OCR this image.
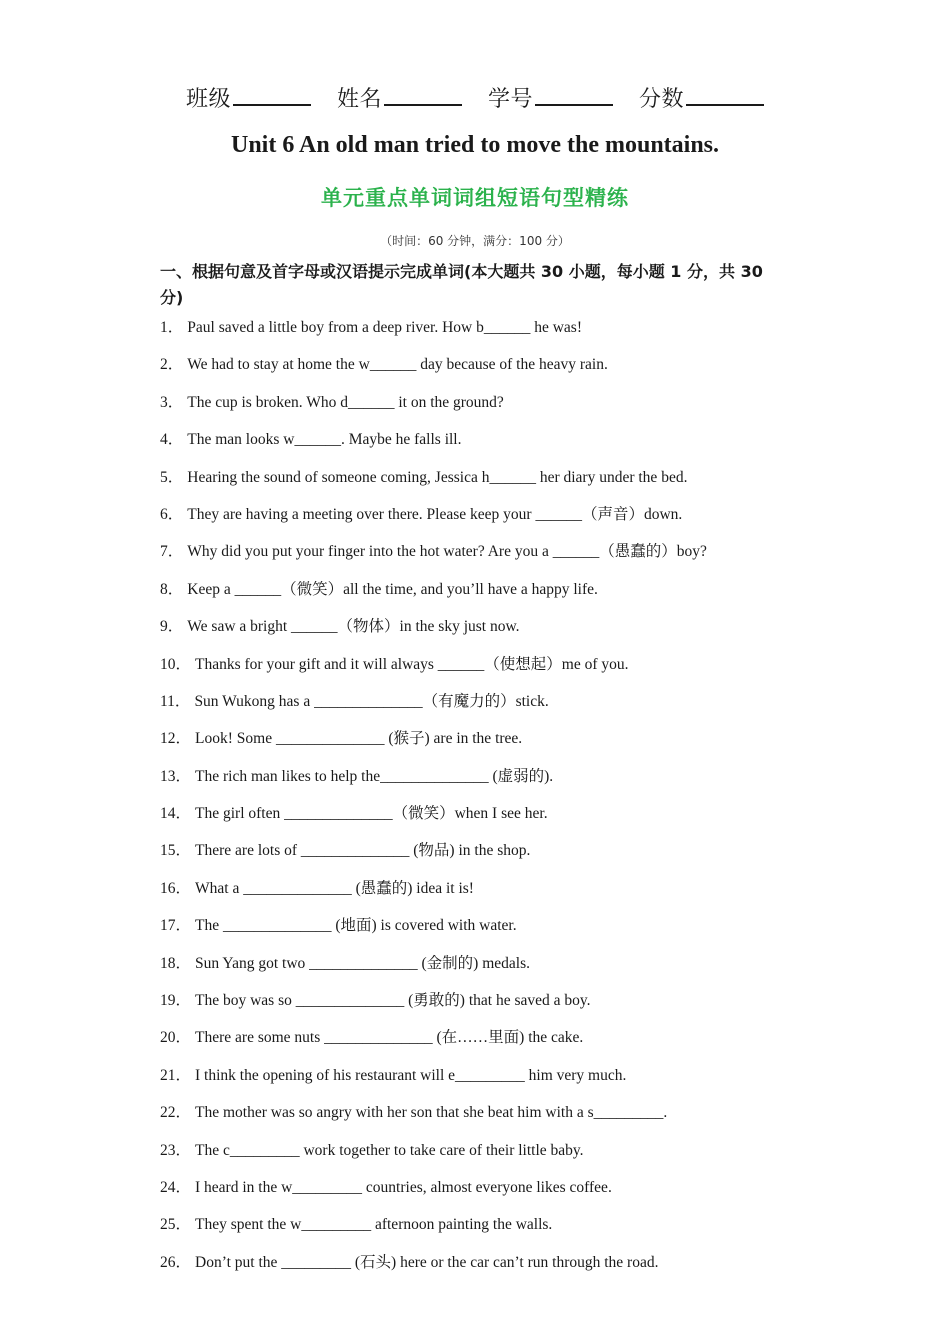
班级	姓名	学号	分数
Unit 6 An old man tried to move the mountains.
单元重点单词词组短语句型精练
（时间：60 分钟，满分：100 分）
一、根据句意及首字母或汉语提示完成单词(本大题共 30 小题，每小题 1 分，共 30 分)
1． Paul saved a little boy from a deep river. How b______ he was!
2． We had to stay at home the w______ day because of the heavy rain.
3． The cup is broken. Who d______ it on the ground?
4． The man looks w______. Maybe he falls ill.
5． Hearing the sound of someone coming, Jessica h______ her diary under the bed.
6． They are having a meeting over there. Please keep your ______（声音）down.
7． Why did you put your finger into the hot water? Are you a ______（愚蠢的）boy?
8． Keep a ______（微笑）all the time, and you’ll have a happy life.
9． We saw a bright ______（物体）in the sky just now.
10． Thanks for your gift and it will always ______（使想起）me of you.
11． Sun Wukong has a ______________（有魔力的）stick.
12． Look! Some ______________ (猴子) are in the tree.
13． The rich man likes to help the______________ (虚弱的).
14． The girl often ______________（微笑）when I see her.
15． There are lots of ______________ (物品) in the shop.
16． What a ______________ (愚蠢的) idea it is!
17． The ______________ (地面) is covered with water.
18． Sun Yang got two ______________ (金制的) medals.
19． The boy was so ______________ (勇敢的) that he saved a boy.
20． There are some nuts ______________ (在……里面) the cake.
21． I think the opening of his restaurant will e_________ him very much.
22． The mother was so angry with her son that she beat him with a s_________.
23． The c_________ work together to take care of their little baby.
24． I heard in the w_________ countries, almost everyone likes coffee.
25． They spent the w_________ afternoon painting the walls.
26． Don’t put the _________ (石头) here or the car can’t run through the road.
